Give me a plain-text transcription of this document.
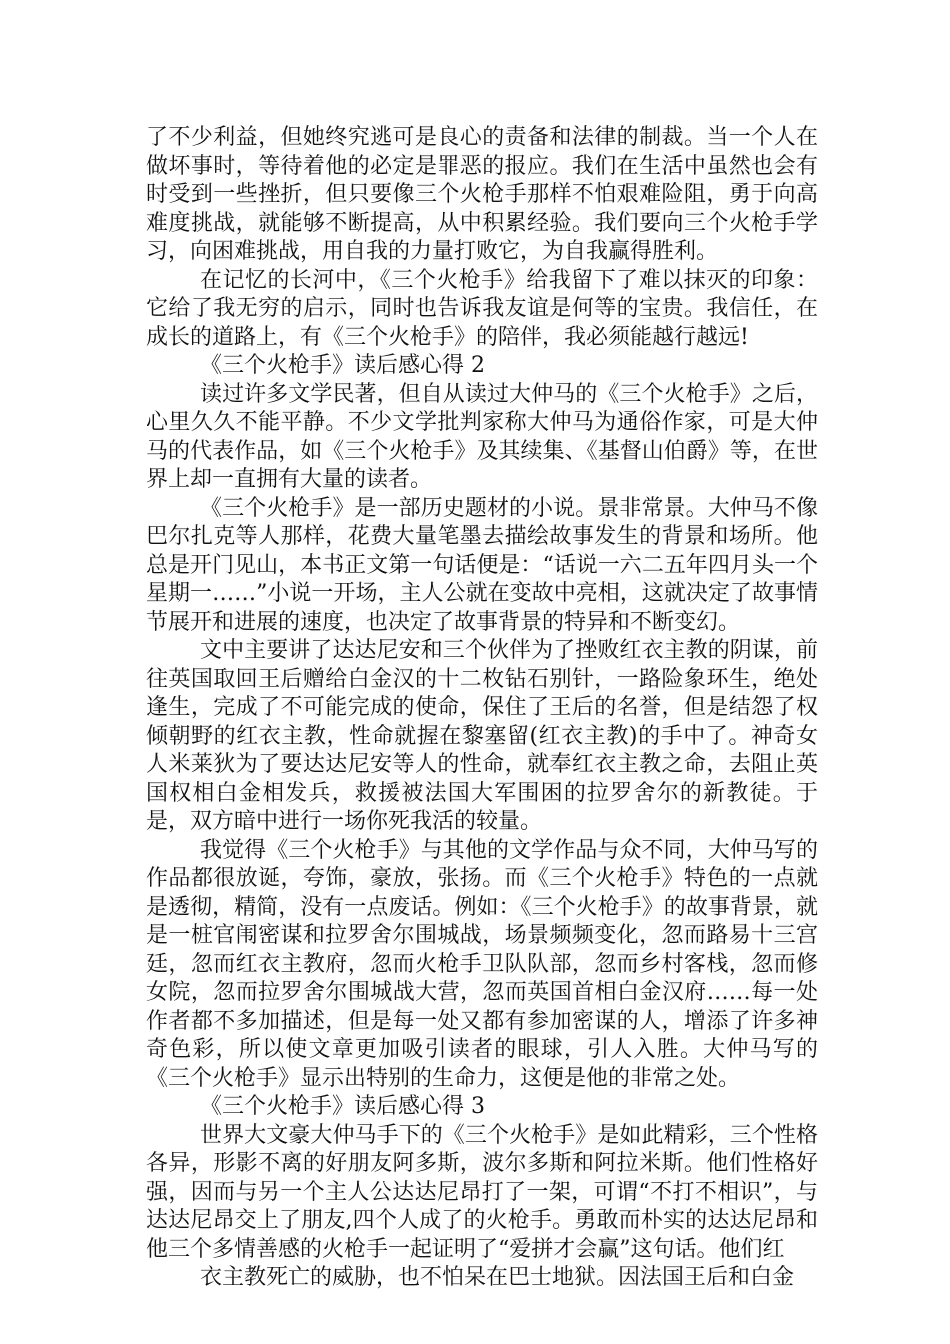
了不少利益，但她终究逃可是良心的责备和法律的制裁。当一个人在做坏事时，等待着他的必定是罪恶的报应。我们在生活中虽然也会有时受到一些挫折，但只要像三个火枪手那样不怕艰难险阻，勇于向高难度挑战，就能够不断提高，从中积累经验。我们要向三个火枪手学习，向困难挑战，用自我的力量打败它，为自我赢得胜利。

在记忆的长河中，《三个火枪手》给我留下了难以抹灭的印象：它给了我无穷的启示，同时也告诉我友谊是何等的宝贵。我信任，在成长的道路上，有《三个火枪手》的陪伴，我必须能越行越远!

《三个火枪手》读后感心得 2

读过许多文学民著，但自从读过大仲马的《三个火枪手》之后，心里久久不能平静。不少文学批判家称大仲马为通俗作家，可是大仲马的代表作品，如《三个火枪手》及其续集、《基督山伯爵》等，在世界上却一直拥有大量的读者。

《三个火枪手》是一部历史题材的小说。景非常景。大仲马不像巴尔扎克等人那样，花费大量笔墨去描绘故事发生的背景和场所。他总是开门见山，本书正文第一句话便是：“话说一六二五年四月头一个星期一……”小说一开场，主人公就在变故中亮相，这就决定了故事情节展开和进展的速度，也决定了故事背景的特异和不断变幻。

文中主要讲了达达尼安和三个伙伴为了挫败红衣主教的阴谋，前往英国取回王后赠给白金汉的十二枚钻石别针，一路险象环生，绝处逢生，完成了不可能完成的使命，保住了王后的名誉，但是结怨了权倾朝野的红衣主教，性命就握在黎塞留(红衣主教)的手中了。神奇女人米莱狄为了要达达尼安等人的性命，就奉红衣主教之命，去阻止英国权相白金相发兵，救援被法国大军围困的拉罗舍尔的新教徒。于是，双方暗中进行一场你死我活的较量。

我觉得《三个火枪手》与其他的文学作品与众不同，大仲马写的作品都很放诞，夸饰，豪放，张扬。而《三个火枪手》特色的一点就是透彻，精简，没有一点废话。例如：《三个火枪手》的故事背景，就是一桩官闱密谋和拉罗舍尔围城战，场景频频变化，忽而路易十三宫廷，忽而红衣主教府，忽而火枪手卫队队部，忽而乡村客栈，忽而修女院，忽而拉罗舍尔围城战大营，忽而英国首相白金汉府……每一处作者都不多加描述，但是每一处又都有参加密谋的人，增添了许多神奇色彩，所以使文章更加吸引读者的眼球，引人入胜。大仲马写的《三个火枪手》显示出特别的生命力，这便是他的非常之处。

《三个火枪手》读后感心得 3

世界大文豪大仲马手下的《三个火枪手》是如此精彩，三个性格各异，形影不离的好朋友阿多斯，波尔多斯和阿拉米斯。他们性格好强，因而与另一个主人公达达尼昂打了一架，可谓“不打不相识”，与达达尼昂交上了朋友,四个人成了的火枪手。勇敢而朴实的达达尼昂和他三个多情善感的火枪手一起证明了“爱拼才会赢”这句话。他们红

衣主教死亡的威胁，也不怕呆在巴士地狱。因法国王后和白金
